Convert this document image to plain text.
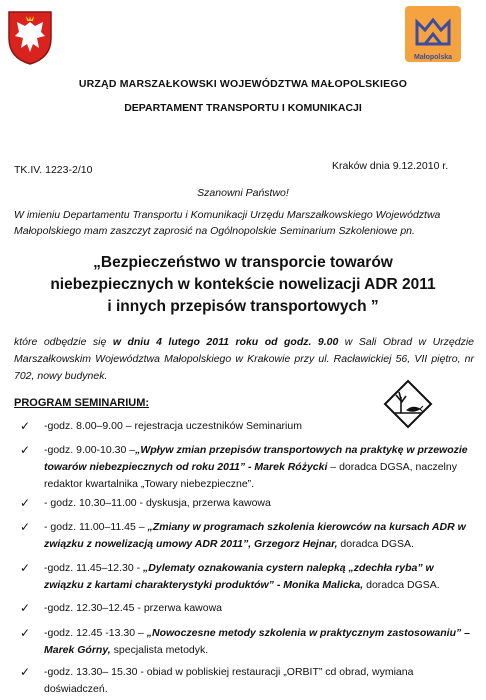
Małopolska
URZĄD MARSZAŁKOWSKI WOJEWÓDZTWA MAŁOPOLSKIEGO
DEPARTAMENT TRANSPORTU I KOMUNIKACJI
TK.IV. 1223-2/10	Kraków dnia 9.12.2010 r.
Szanowni Państwo!
W imieniu Departamentu Transportu i Komunikacji Urzędu Marszałkowskiego Województwa Małopolskiego mam zaszczyt zaprosić na Ogólnopolskie Seminarium Szkoleniowe pn.
„Bezpieczeństwo w transporcie towarów
niebezpiecznych w kontekście nowelizacji ADR 2011
i innych przepisów transportowych ”
które odbędzie się w dniu 4 lutego 2011 roku od godz. 9.00 w Sali Obrad w Urzędzie Marszałkowskim Województwa Małopolskiego w Krakowie przy ul. Racławickiej 56, VII piętro, nr 702, nowy budynek.
PROGRAM SEMINARIUM:
✓	-godz. 8.00–9.00 – rejestracja uczestników Seminarium
✓	-godz. 9.00-10.30 –„Wpływ zmian przepisów transportowych na praktykę w przewozie towarów niebezpiecznych od roku 2011” - Marek Różycki – doradca DGSA, naczelny redaktor kwartalnika „Towary niebezpieczne”.
✓	- godz. 10.30–11.00 - dyskusja, przerwa kawowa
✓	- godz. 11.00–11.45 – „Zmiany w programach szkolenia kierowców na kursach ADR w związku z nowelizacją umowy ADR 2011”, Grzegorz Hejnar, doradca DGSA.
✓	-godz. 11.45–12.30 - „Dylematy oznakowania cystern nalepką „zdechła ryba” w związku z kartami charakterystyki produktów” - Monika Malicka, doradca DGSA.
✓	-godz. 12.30–12.45 - przerwa kawowa
✓	-godz. 12.45 -13.30 – „Nowoczesne metody szkolenia w praktycznym zastosowaniu” – Marek Górny, specjalista metodyk.
✓	-godz. 13.30– 15.30 - obiad w pobliskiej restauracji „ORBIT” cd obrad, wymiana doświadczeń.
